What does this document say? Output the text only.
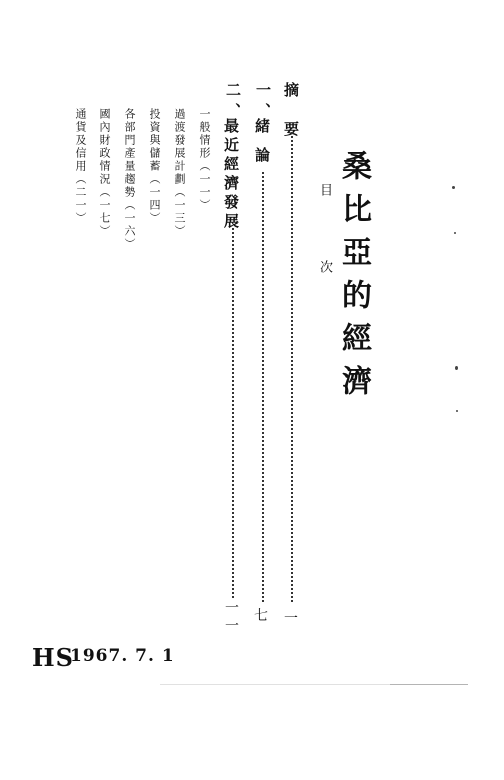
桑比亞的經濟
目
次
摘要
一
一、
緒論
七
二、
最近經濟發展
一一
一般情形（一一）
過渡發展計劃（一三）
投資與儲蓄（一四）
各部門產量趨勢（一六）
國內財政情況（一七）
通貨及信用（二一）
HS
1967. 7. 1
